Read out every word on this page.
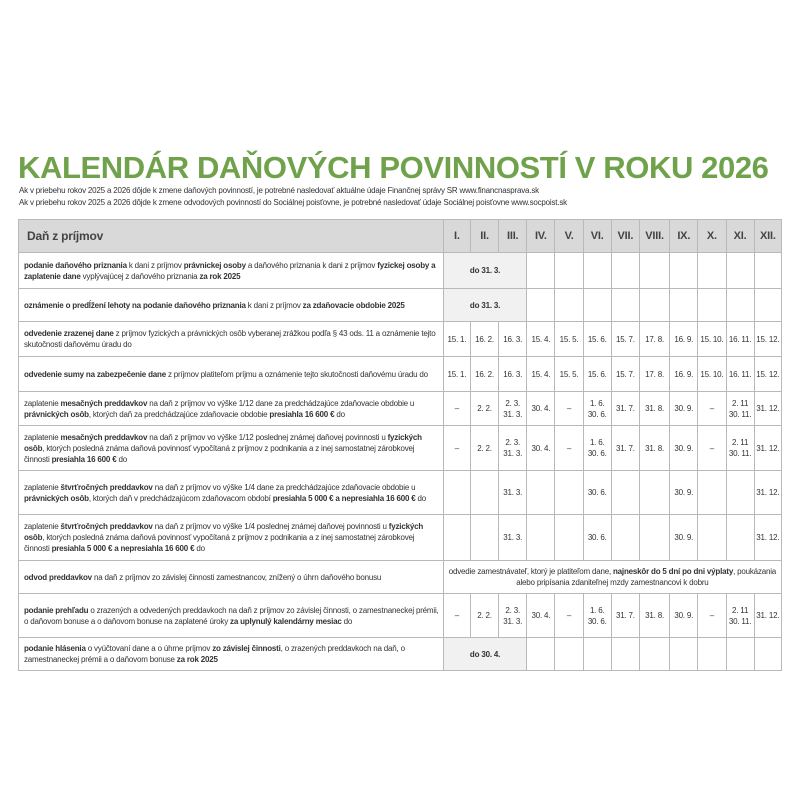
KALENDÁR DAŇOVÝCH POVINNOSTÍ V ROKU 2026
Ak v priebehu rokov 2025 a 2026 dôjde k zmene daňových povinností, je potrebné nasledovať aktuálne údaje Finančnej správy SR www.financnasprava.sk
Ak v priebehu rokov 2025 a 2026 dôjde k zmene odvodových povinností do Sociálnej poisťovne, je potrebné nasledovať údaje Sociálnej poisťovne www.socpoist.sk
Daň z príjmov	I.	II.	III.	IV.	V.	VI.	VII.	VIII.	IX.	X.	XI.	XII.
podanie daňového priznania k dani z príjmov právnickej osoby a daňového priznania k dani z príjmov fyzickej osoby a zaplatenie dane vyplývajúcej z daňového priznania za rok 2025	do 31. 3.											
oznámenie o predĺžení lehoty na podanie daňového priznania k dani z príjmov za zdaňovacie obdobie 2025	do 31. 3.											
odvedenie zrazenej dane z príjmov fyzických a právnických osôb vyberanej zrážkou podľa § 43 ods. 11 a oznámenie tejto skutočnosti daňovému úradu do	15. 1.	16. 2.	16. 3.	15. 4.	15. 5.	15. 6.	15. 7.	17. 8.	16. 9.	15. 10.	16. 11.	15. 12.
odvedenie sumy na zabezpečenie dane z príjmov platiteľom príjmu a oznámenie tejto skutočnosti daňovému úradu do	15. 1.	16. 2.	16. 3.	15. 4.	15. 5.	15. 6.	15. 7.	17. 8.	16. 9.	15. 10.	16. 11.	15. 12.
zaplatenie mesačných preddavkov na daň z príjmov vo výške 1/12 dane za predchádzajúce zdaňovacie obdobie u právnických osôb, ktorých daň za predchádzajúce zdaňovacie obdobie presiahla 16 600 € do	–	2. 2.	2. 3. 31. 3.	30. 4.	–	1. 6. 30. 6.	31. 7.	31. 8.	30. 9.	–	2. 11 30. 11.	31. 12.
zaplatenie mesačných preddavkov na daň z príjmov vo výške 1/12 poslednej známej daňovej povinnosti u fyzických osôb, ktorých posledná známa daňová povinnosť vypočítaná z príjmov z podnikania a z inej samostatnej zárobkovej činnosti presiahla 16 600 € do	–	2. 2.	2. 3. 31. 3.	30. 4.	–	1. 6. 30. 6.	31. 7.	31. 8.	30. 9.	–	2. 11 30. 11.	31. 12.
zaplatenie štvrťročných preddavkov na daň z príjmov vo výške 1/4 dane za predchádzajúce zdaňovacie obdobie u právnických osôb, ktorých daň v predchádzajúcom zdaňovacom období presiahla 5 000 € a nepresiahla 16 600 € do			31. 3.			30. 6.			30. 9.			31. 12.
zaplatenie štvrťročných preddavkov na daň z príjmov vo výške 1/4 poslednej známej daňovej povinnosti u fyzických osôb, ktorých posledná známa daňová povinnosť vypočítaná z príjmov z podnikania a z inej samostatnej zárobkovej činnosti presiahla 5 000 € a nepresiahla 16 600 € do			31. 3.			30. 6.			30. 9.			31. 12.
odvod preddavkov na daň z príjmov zo závislej činnosti zamestnancov, znížený o úhrn daňového bonusu	odvedie zamestnávateľ, ktorý je platiteľom dane, najneskôr do 5 dní po dni výplaty, poukázania alebo pripísania zdaniteľnej mzdy zamestnancovi k dobru											
podanie prehľadu o zrazených a odvedených preddavkoch na daň z príjmov zo závislej činnosti, o zamestnaneckej prémii, o daňovom bonuse a o daňovom bonuse na zaplatené úroky za uplynulý kalendárny mesiac do	–	2. 2.	2. 3. 31. 3.	30. 4.	–	1. 6. 30. 6.	31. 7.	31. 8.	30. 9.	–	2. 11 30. 11.	31. 12.
podanie hlásenia o vyúčtovaní dane a o úhrne príjmov zo závislej činnosti, o zrazených preddavkoch na daň, o zamestnaneckej prémii a o daňovom bonuse za rok 2025	do 30. 4.											
